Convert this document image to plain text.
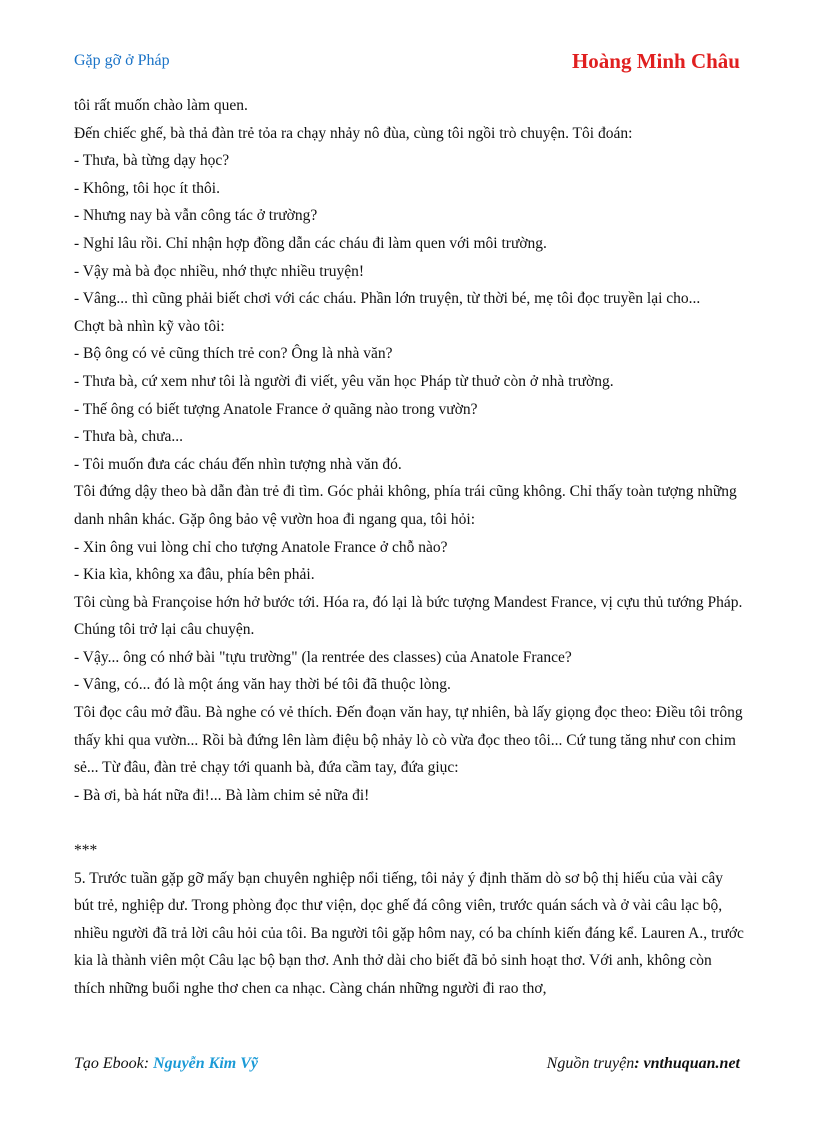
Gặp gỡ ở Pháp	Hoàng Minh Châu

tôi rất muốn chào làm quen.

Đến chiếc ghế, bà thả đàn trẻ tỏa ra chạy nhảy nô đùa, cùng tôi ngồi trò chuyện. Tôi đoán:

- Thưa, bà từng dạy học?

- Không, tôi học ít thôi.

- Nhưng nay bà vẫn công tác ở trường?

- Nghỉ lâu rồi. Chỉ nhận hợp đồng dẫn các cháu đi làm quen với môi trường.

- Vậy mà bà đọc nhiều, nhớ thực nhiều truyện!

- Vâng... thì cũng phải biết chơi với các cháu. Phần lớn truyện, từ thời bé, mẹ tôi đọc truyền lại cho...

Chợt bà nhìn kỹ vào tôi:

- Bộ ông có vẻ cũng thích trẻ con? Ông là nhà văn?

- Thưa bà, cứ xem như tôi là người đi viết, yêu văn học Pháp từ thuở còn ở nhà trường.

- Thế ông có biết tượng Anatole France ở quãng nào trong vườn?

- Thưa bà, chưa...

- Tôi muốn đưa các cháu đến nhìn tượng nhà văn đó.

Tôi đứng dậy theo bà dẫn đàn trẻ đi tìm. Góc phải không, phía trái cũng không. Chỉ thấy toàn tượng những danh nhân khác. Gặp ông bảo vệ vườn hoa đi ngang qua, tôi hỏi:

- Xin ông vui lòng chỉ cho tượng Anatole France ở chỗ nào?

- Kia kìa, không xa đâu, phía bên phải.

Tôi cùng bà Françoise hớn hở bước tới. Hóa ra, đó lại là bức tượng Mandest France, vị cựu thủ tướng Pháp.

Chúng tôi trở lại câu chuyện.

- Vậy... ông có nhớ bài "tựu trường" (la rentrée des classes) của Anatole France?

- Vâng, có... đó là một áng văn hay thời bé tôi đã thuộc lòng.

Tôi đọc câu mở đầu. Bà nghe có vẻ thích. Đến đoạn văn hay, tự nhiên, bà lấy giọng đọc theo: Điều tôi trông thấy khi qua vườn... Rồi bà đứng lên làm điệu bộ nhảy lò cò vừa đọc theo tôi... Cứ tung tăng như con chim sẻ... Từ đâu, đàn trẻ chạy tới quanh bà, đứa cầm tay, đứa giục:

- Bà ơi, bà hát nữa đi!... Bà làm chim sẻ nữa đi!

***

5. Trước tuần gặp gỡ mấy bạn chuyên nghiệp nổi tiếng, tôi nảy ý định thăm dò sơ bộ thị hiếu của vài cây bút trẻ, nghiệp dư. Trong phòng đọc thư viện, dọc ghế đá công viên, trước quán sách và ở vài câu lạc bộ, nhiều người đã trả lời câu hỏi của tôi. Ba người tôi gặp hôm nay, có ba chính kiến đáng kể. Lauren A., trước kia là thành viên một Câu lạc bộ bạn thơ. Anh thở dài cho biết đã bỏ sinh hoạt thơ. Với anh, không còn thích những buổi nghe thơ chen ca nhạc. Càng chán những người đi rao thơ,

Tạo Ebook: Nguyễn Kim Vỹ	Nguồn truyện: vnthuquan.net
